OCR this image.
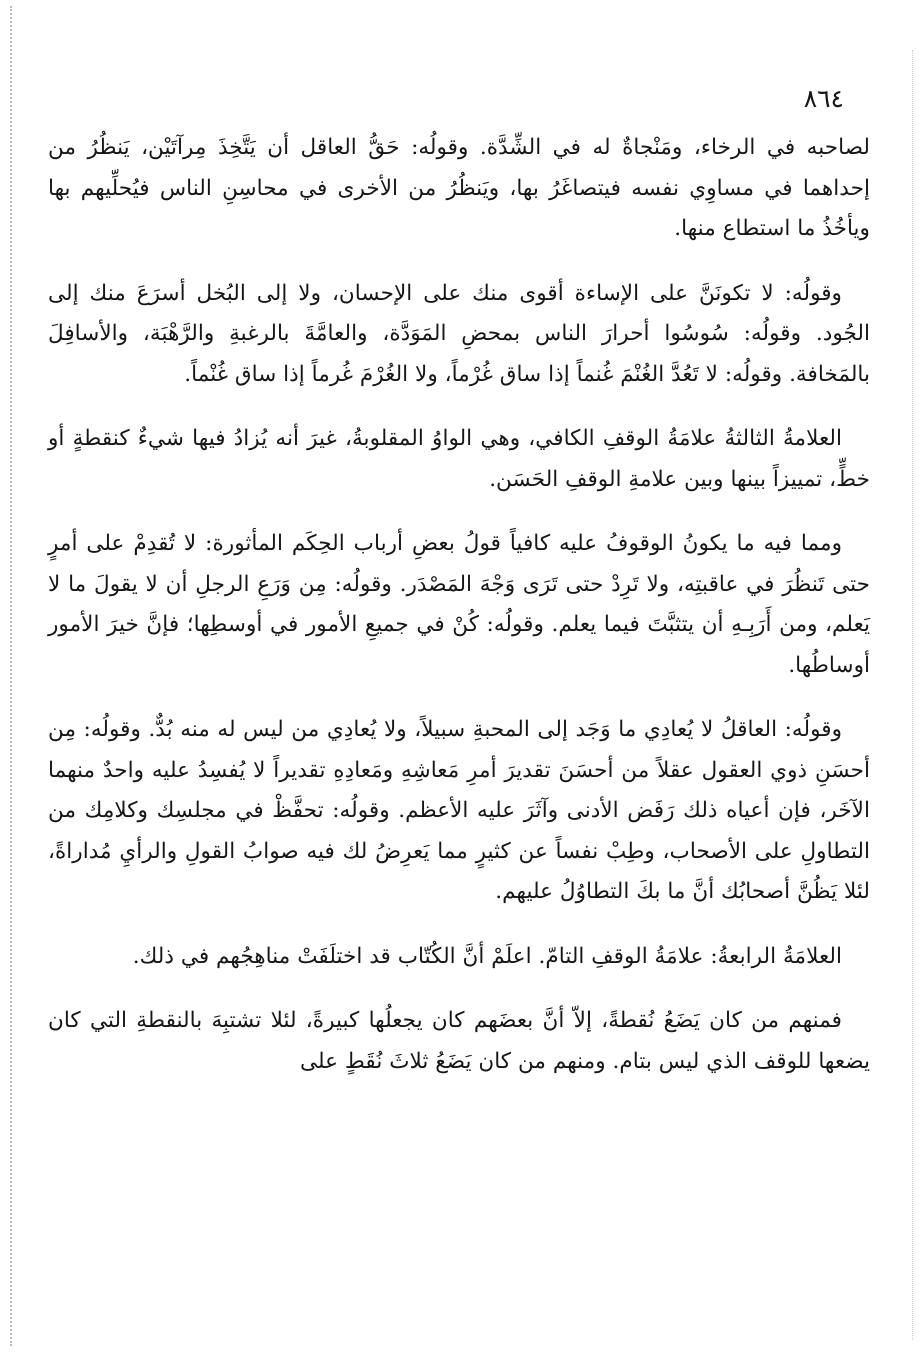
٨٦٤

لصاحبه في الرخاء، ومَنْجاةٌ له في الشِّدَّة. وقولُه: حَقُّ العاقل أن يَتَّخِذَ مِرآتَيْن، يَنظُرُ من إحداهما في مساوِي نفسه فيتصاغَرُ بها، ويَنظُرُ من الأخرى في محاسِنِ الناس فيُحلِّيهم بها ويأخُذُ ما استطاع منها.

وقولُه: لا تكونَنَّ على الإساءة أقوى منك على الإحسان، ولا إلى البُخل أسرَعَ منك إلى الجُود. وقولُه: سُوسُوا أحرارَ الناس بمحضِ المَوَدَّة، والعامَّةَ بالرغبةِ والرَّهْبَة، والأسافِلَ بالمَخافة. وقولُه: لا تَعُدَّ الغُنْمَ غُنماً إذا ساق غُرْماً، ولا الغُرْمَ غُرماً إذا ساق غُنْماً.

العلامةُ الثالثةُ علامَةُ الوقفِ الكافي، وهي الواوُ المقلوبةُ، غيرَ أنه يُزادُ فيها شيءٌ كنقطةٍ أو خطٍّ، تمييزاً بينها وبين علامةِ الوقفِ الحَسَن.

ومما فيه ما يكونُ الوقوفُ عليه كافياً قولُ بعضِ أرباب الحِكَم المأثورة: لا تُقدِمْ على أمرٍ حتى تَنظُرَ في عاقبتِه، ولا تَرِدْ حتى تَرَى وَجْهَ المَصْدَر. وقولُه: مِن وَرَعِ الرجلِ أن لا يقولَ ما لا يَعلم، ومن أَرَبِـهِ أن يتثبَّتَ فيما يعلم. وقولُه: كُنْ في جميعِ الأمور في أوسطِها؛ فإنَّ خيرَ الأمور أوساطُها.

وقولُه: العاقلُ لا يُعادِي ما وَجَد إلى المحبةِ سبيلاً، ولا يُعادِي من ليس له منه بُدٌّ. وقولُه: مِن أحسَنِ ذوي العقول عقلاً من أحسَنَ تقديرَ أمرِ مَعاشِهِ ومَعادِهِ تقديراً لا يُفسِدُ عليه واحدٌ منهما الآخَر، فإن أعياه ذلك رَفَض الأدنى وآثَرَ عليه الأعظم. وقولُه: تحفَّظْ في مجلسِك وكلامِك من التطاولِ على الأصحاب، وطِبْ نفساً عن كثيرٍ مما يَعرِضُ لك فيه صوابُ القولِ والرأيِ مُداراةً، لئلا يَظُنَّ أصحابُك أنَّ ما بكَ التطاوُلُ عليهم.

العلامَةُ الرابعةُ: علامَةُ الوقفِ التامّ. اعلَمْ أنَّ الكُتّاب قد اختلَفَتْ مناهِجُهم في ذلك.

فمنهم من كان يَضَعُ نُقطةً، إلاّ أنَّ بعضَهم كان يجعلُها كبيرةً، لئلا تشتبِهَ بالنقطةِ التي كان يضعها للوقف الذي ليس بتام. ومنهم من كان يَضَعُ ثلاثَ نُقَطٍ على
